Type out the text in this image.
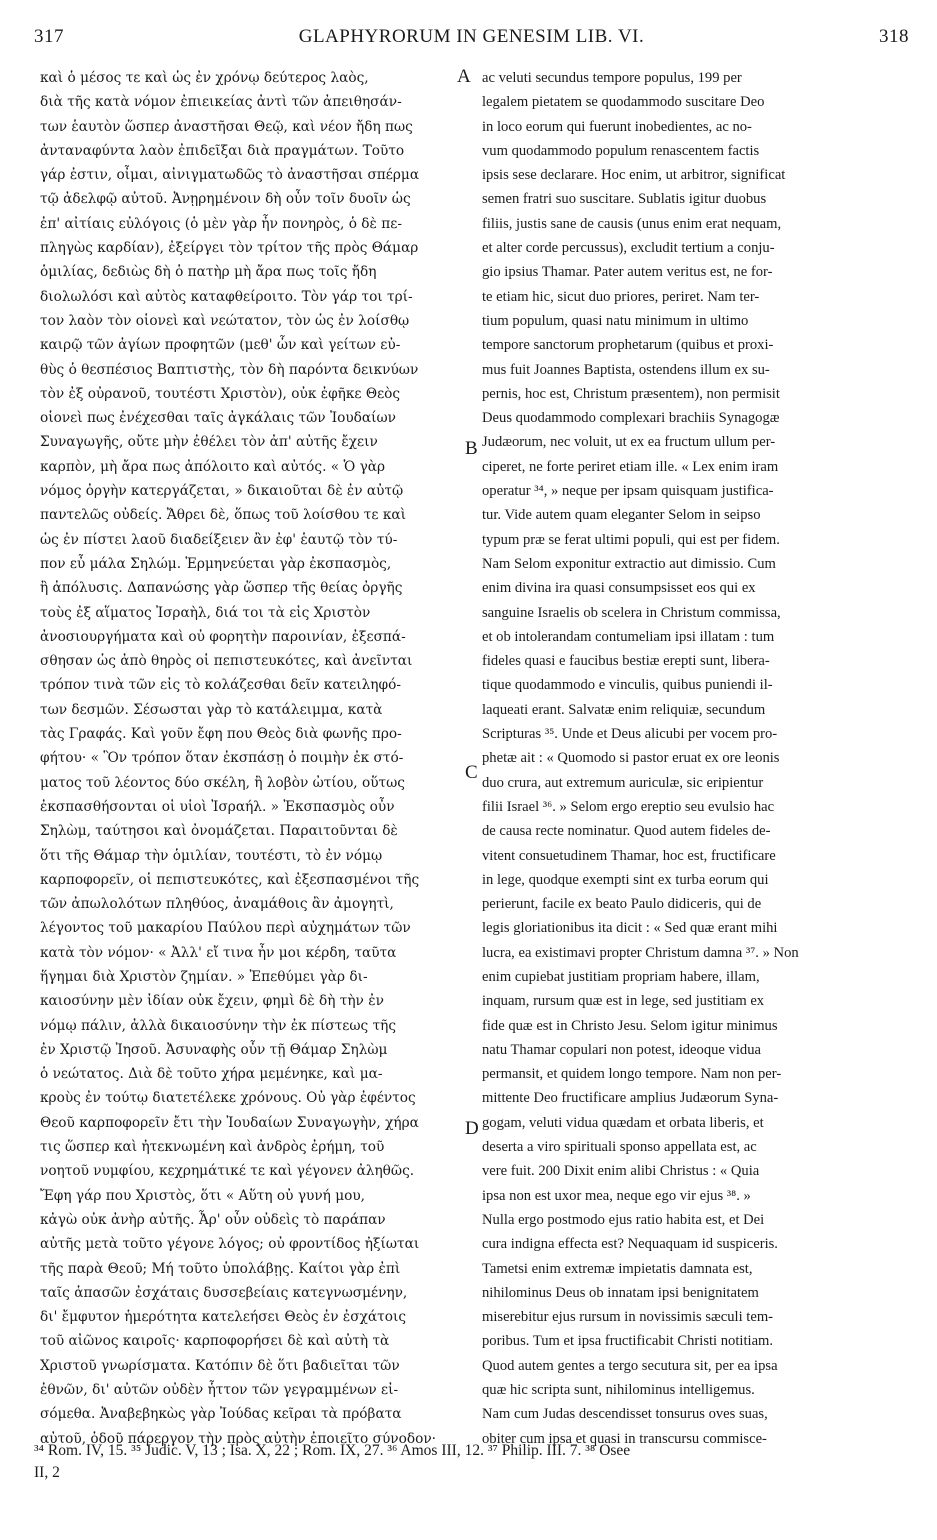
317	GLAPHYRORUM IN GENESIM LIB. VI.	318
καὶ ὁ μέσος τε καὶ ὡς ἐν χρόνῳ δεύτερος λαὸς,
διὰ τῆς κατὰ νόμον ἐπιεικείας ἀντὶ τῶν ἀπειθησάν-
των ἑαυτὸν ὥσπερ ἀναστῆσαι Θεῷ, καὶ νέον ἤδη πως
ἀνταναφύντα λαὸν ἐπιδεῖξαι διὰ πραγμάτων. Τοῦτο
γάρ ἐστιν, οἶμαι, αἰνιγματωδῶς τὸ ἀναστῆσαι σπέρμα
τῷ ἀδελφῷ αὐτοῦ. Ἀνῃρημένοιν δὴ οὖν τοῖν δυοῖν ὡς
ἐπ' αἰτίαις εὐλόγοις (ὁ μὲν γὰρ ἦν πονηρὸς, ὁ δὲ πε-
πληγὼς καρδίαν), ἐξείργει τὸν τρίτον τῆς πρὸς Θάμαρ
ὁμιλίας, δεδιὼς δὴ ὁ πατὴρ μὴ ἄρα πως τοῖς ἤδη
διολωλόσι καὶ αὐτὸς καταφθείροιτο. Τὸν γάρ τοι τρί-
τον λαὸν τὸν οἱονεὶ καὶ νεώτατον, τὸν ὡς ἐν λοίσθῳ
καιρῷ τῶν ἁγίων προφητῶν (μεθ' ὧν καὶ γείτων εὐ-
θὺς ὁ θεσπέσιος Βαπτιστὴς, τὸν δὴ παρόντα δεικνύων
τὸν ἐξ οὐρανοῦ, τουτέστι Χριστὸν), οὐκ ἐφῆκε Θεὸς
οἱονεὶ πως ἐνέχεσθαι ταῖς ἀγκάλαις τῶν Ἰουδαίων
Συναγωγῆς, οὔτε μὴν ἐθέλει τὸν ἀπ' αὐτῆς ἔχειν
καρπὸν, μὴ ἄρα πως ἀπόλοιτο καὶ αὐτός. « Ὁ γὰρ
νόμος ὀργὴν κατεργάζεται, » δικαιοῦται δὲ ἐν αὐτῷ
παντελῶς οὐδείς. Ἄθρει δὲ, ὅπως τοῦ λοίσθου τε καὶ
ὡς ἐν πίστει λαοῦ διαδείξειεν ἂν ἐφ' ἑαυτῷ τὸν τύ-
πον εὖ μάλα Σηλώμ. Ἑρμηνεύεται γὰρ ἐκσπασμὸς,
ἢ ἀπόλυσις. Δαπανώσης γὰρ ὥσπερ τῆς θείας ὀργῆς
τοὺς ἐξ αἵματος Ἰσραὴλ, διά τοι τὰ εἰς Χριστὸν
ἀνοσιουργήματα καὶ οὐ φορητὴν παροινίαν, ἐξεσπά-
σθησαν ὡς ἀπὸ θηρὸς οἱ πεπιστευκότες, καὶ ἀνεῖνται
τρόπον τινὰ τῶν εἰς τὸ κολάζεσθαι δεῖν κατειληφό-
των δεσμῶν. Σέσωσται γὰρ τὸ κατάλειμμα, κατὰ
τὰς Γραφάς. Καὶ γοῦν ἔφη που Θεὸς διὰ φωνῆς προ-
φήτου· « Ὃν τρόπον ὅταν ἐκσπάσῃ ὁ ποιμὴν ἐκ στό-
ματος τοῦ λέοντος δύο σκέλη, ἢ λοβὸν ὠτίου, οὕτως
ἐκσπασθήσονται οἱ υἱοὶ Ἰσραήλ. » Ἐκσπασμὸς οὖν
Σηλὼμ, ταύτησοι καὶ ὀνομάζεται. Παραιτοῦνται δὲ
ὅτι τῆς Θάμαρ τὴν ὁμιλίαν, τουτέστι, τὸ ἐν νόμῳ
καρποφορεῖν, οἱ πεπιστευκότες, καὶ ἐξεσπασμένοι τῆς
τῶν ἀπωλολότων πληθύος, ἀναμάθοις ἂν ἀμογητὶ,
λέγοντος τοῦ μακαρίου Παύλου περὶ αὐχημάτων τῶν
κατὰ τὸν νόμον· « Ἀλλ' εἴ τινα ἦν μοι κέρδη, ταῦτα
ἥγημαι διὰ Χριστὸν ζημίαν. » Ἐπεθύμει γὰρ δι-
καιοσύνην μὲν ἰδίαν οὐκ ἔχειν, φημὶ δὲ δὴ τὴν ἐν
νόμῳ πάλιν, ἀλλὰ δικαιοσύνην τὴν ἐκ πίστεως τῆς
ἐν Χριστῷ Ἰησοῦ. Ἀσυναφὴς οὖν τῇ Θάμαρ Σηλὼμ
ὁ νεώτατος. Διὰ δὲ τοῦτο χήρα μεμένηκε, καὶ μα-
κροὺς ἐν τούτῳ διατετέλεκε χρόνους. Οὐ γὰρ ἐφέντος
Θεοῦ καρποφορεῖν ἔτι τὴν Ἰουδαίων Συναγωγὴν, χήρα
τις ὥσπερ καὶ ἠτεκνωμένη καὶ ἀνδρὸς ἐρήμη, τοῦ
νοητοῦ νυμφίου, κεχρημάτικέ τε καὶ γέγονεν ἀληθῶς.
Ἔφη γάρ που Χριστὸς, ὅτι « Αὕτη οὐ γυνή μου,
κἀγὼ οὐκ ἀνὴρ αὐτῆς. Ἆρ' οὖν οὐδεὶς τὸ παράπαν
αὐτῆς μετὰ τοῦτο γέγονε λόγος; οὐ φροντίδος ἠξίωται
τῆς παρὰ Θεοῦ; Μή τοῦτο ὑπολάβῃς. Καίτοι γὰρ ἐπὶ
ταῖς ἁπασῶν ἐσχάταις δυσσεβείαις κατεγνωσμένην,
δι' ἔμφυτον ἡμερότητα κατελεήσει Θεὸς ἐν ἐσχάτοις
τοῦ αἰῶνος καιροῖς· καρποφορήσει δὲ καὶ αὐτὴ τὰ
Χριστοῦ γνωρίσματα. Κατόπιν δὲ ὅτι βαδιεῖται τῶν
ἐθνῶν, δι' αὐτῶν οὐδὲν ἧττον τῶν γεγραμμένων εἰ-
σόμεθα. Ἀναβεβηκὼς γὰρ Ἰούδας κεῖραι τὰ πρόβατα
αὐτοῦ, ὁδοῦ πάρεργον τὴν πρὸς αὐτὴν ἐποιεῖτο σύνοδον·
ac veluti secundus tempore populus, 199 per
legalem pietatem se quodammodo suscitare Deo
in loco eorum qui fuerunt inobedientes, ac no-
vum quodammodo populum renascentem factis
ipsis sese declarare. Hoc enim, ut arbitror, significat
semen fratri suo suscitare. Sublatis igitur duobus
filiis, justis sane de causis (unus enim erat nequam,
et alter corde percussus), excludit tertium a conju-
gio ipsius Thamar. Pater autem veritus est, ne for-
te etiam hic, sicut duo priores, periret. Nam ter-
tium populum, quasi natu minimum in ultimo
tempore sanctorum prophetarum (quibus et proxi-
mus fuit Joannes Baptista, ostendens illum ex su-
pernis, hoc est, Christum præsentem), non permisit
Deus quodammodo complexari brachiis Synagogæ
Judæorum, nec voluit, ut ex ea fructum ullum per-
ciperet, ne forte periret etiam ille. « Lex enim iram
operatur ³⁴, » neque per ipsam quisquam justifica-
tur. Vide autem quam eleganter Selom in seipso
typum præ se ferat ultimi populi, qui est per fidem.
Nam Selom exponitur extractio aut dimissio. Cum
enim divina ira quasi consumpsisset eos qui ex
sanguine Israelis ob scelera in Christum commissa,
et ob intolerandam contumeliam ipsi illatam : tum
fideles quasi e faucibus bestiæ erepti sunt, libera-
tique quodammodo e vinculis, quibus puniendi il-
laqueati erant. Salvatæ enim reliquiæ, secundum
Scripturas ³⁵. Unde et Deus alicubi per vocem pro-
phetæ ait : « Quomodo si pastor eruat ex ore leonis
duo crura, aut extremum auriculæ, sic eripientur
filii Israel ³⁶. » Selom ergo ereptio seu evulsio hac
de causa recte nominatur. Quod autem fideles de-
vitent consuetudinem Thamar, hoc est, fructificare
in lege, quodque exempti sint ex turba eorum qui
perierunt, facile ex beato Paulo didiceris, qui de
legis gloriationibus ita dicit : « Sed quæ erant mihi
lucra, ea existimavi propter Christum damna ³⁷. » Non
enim cupiebat justitiam propriam habere, illam,
inquam, rursum quæ est in lege, sed justitiam ex
fide quæ est in Christo Jesu. Selom igitur minimus
natu Thamar copulari non potest, ideoque vidua
permansit, et quidem longo tempore. Nam non per-
mittente Deo fructificare amplius Judæorum Syna-
gogam, veluti vidua quædam et orbata liberis, et
deserta a viro spirituali sponso appellata est, ac
vere fuit. 200 Dixit enim alibi Christus : « Quia
ipsa non est uxor mea, neque ego vir ejus ³⁸. »
Nulla ergo postmodo ejus ratio habita est, et Dei
cura indigna effecta est? Nequaquam id suspiceris.
Tametsi enim extremæ impietatis damnata est,
nihilominus Deus ob innatam ipsi benignitatem
miserebitur ejus rursum in novissimis sæculi tem-
poribus. Tum et ipsa fructificabit Christi notitiam.
Quod autem gentes a tergo secutura sit, per ea ipsa
quæ hic scripta sunt, nihilominus intelligemus.
Nam cum Judas descendisset tonsurus oves suas,
obiter cum ipsa et quasi in transcursu commisce-
A
B
C
D
³⁴ Rom. IV, 15. ³⁵ Judic. V, 13 ; Isa. X, 22 ; Rom. IX, 27. ³⁶ Amos III, 12. ³⁷ Philip. III. 7. ³⁸ Osee
II, 2
